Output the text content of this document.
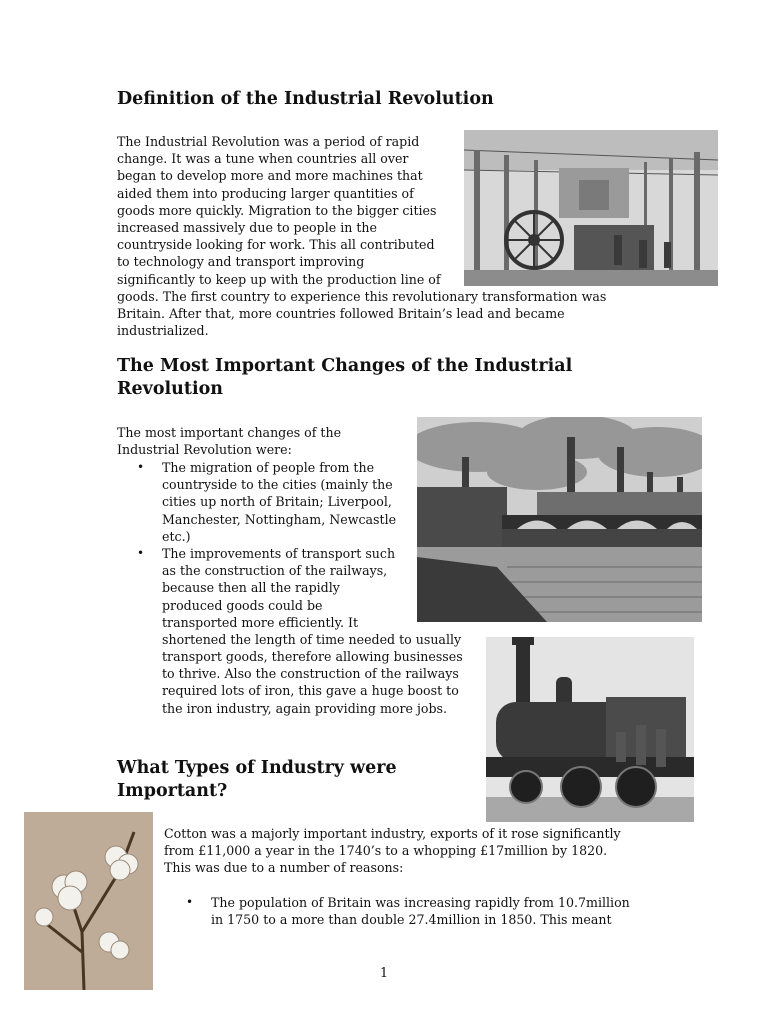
Definition of the Industrial Revolution
The Industrial Revolution was a period of rapid
change. It was a tune when countries all over
began to develop more and more machines that
aided them into producing larger quantities of
goods more quickly. Migration to the bigger cities
increased massively due to people in the
countryside looking for work. This all contributed
to technology and transport improving
significantly to keep up with the production line of
goods. The first country to experience this revolutionary transformation was
Britain. After that, more countries followed Britain’s lead and became
industrialized.
The Most Important Changes of the Industrial
Revolution
The most important changes of the
Industrial Revolution were:
• The migration of people from the
countryside to the cities (mainly the
cities up north of Britain; Liverpool,
Manchester, Nottingham, Newcastle
etc.)
• The improvements of transport such
as the construction of the railways,
because then all the rapidly
produced goods could be
transported more efficiently. It
shortened the length of time needed to usually
transport goods, therefore allowing businesses
to thrive. Also the construction of the railways
required lots of iron, this gave a huge boost to
the iron industry, again providing more jobs.
What Types of Industry were
Important?
Cotton was a majorly important industry, exports of it rose significantly
from £11,000 a year in the 1740’s to a whopping £17million by 1820.
This was due to a number of reasons:
• The population of Britain was increasing rapidly from 10.7million
in 1750 to a more than double 27.4million in 1850. This meant
1
